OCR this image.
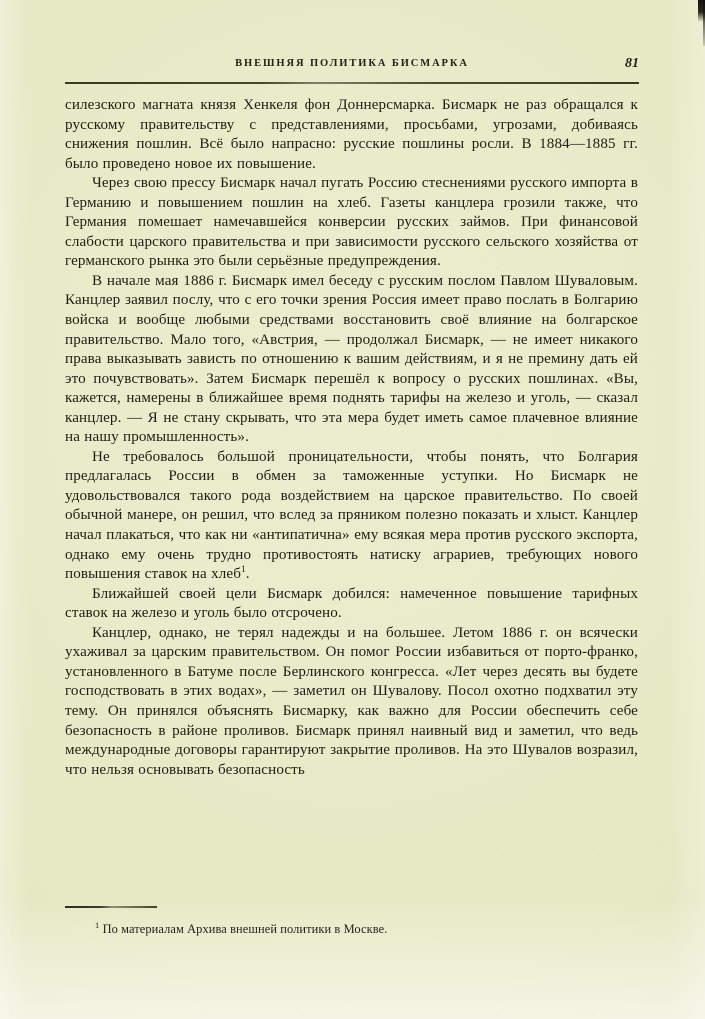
ВНЕШНЯЯ ПОЛИТИКА БИСМАРКА	81

силезского магната князя Хенкеля фон Доннерсмарка. Бисмарк не раз обращался к русскому правительству с представлениями, просьбами, угрозами, добиваясь снижения пошлин. Всё было напрасно: русские пошлины росли. В 1884—1885 гг. было проведено новое их повышение.

Через свою прессу Бисмарк начал пугать Россию стеснениями русского импорта в Германию и повышением пошлин на хлеб. Газеты канцлера грозили также, что Германия помешает намечавшейся конверсии русских займов. При финансовой слабости царского правительства и при зависимости русского сельского хозяйства от германского рынка это были серьёзные предупреждения.

В начале мая 1886 г. Бисмарк имел беседу с русским послом Павлом Шуваловым. Канцлер заявил послу, что с его точки зрения Россия имеет право послать в Болгарию войска и вообще любыми средствами восстановить своё влияние на болгарское правительство. Мало того, «Австрия, — продолжал Бисмарк, — не имеет никакого права выказывать зависть по отношению к вашим действиям, и я не премину дать ей это почувствовать». Затем Бисмарк перешёл к вопросу о русских пошлинах. «Вы, кажется, намерены в ближайшее время поднять тарифы на железо и уголь, — сказал канцлер. — Я не стану скрывать, что эта мера будет иметь самое плачевное влияние на нашу промышленность».

Не требовалось большой проницательности, чтобы понять, что Болгария предлагалась России в обмен за таможенные уступки. Но Бисмарк не удовольствовался такого рода воздействием на царское правительство. По своей обычной манере, он решил, что вслед за пряником полезно показать и хлыст. Канцлер начал плакаться, что как ни «антипатична» ему всякая мера против русского экспорта, однако ему очень трудно противостоять натиску аграриев, требующих нового повышения ставок на хлеб$^1$.

Ближайшей своей цели Бисмарк добился: намеченное повышение тарифных ставок на железо и уголь было отсрочено.

Канцлер, однако, не терял надежды и на большее. Летом 1886 г. он всячески ухаживал за царским правительством. Он помог России избавиться от порто-франко, установленного в Батуме после Берлинского конгресса. «Лет через десять вы будете господствовать в этих водах», — заметил он Шувалову. Посол охотно подхватил эту тему. Он принялся объяснять Бисмарку, как важно для России обеспечить себе безопасность в районе проливов. Бисмарк принял наивный вид и заметил, что ведь международные договоры гарантируют закрытие проливов. На это Шувалов возразил, что нельзя основывать безопасность

$^1$ По материалам Архива внешней политики в Москве.
